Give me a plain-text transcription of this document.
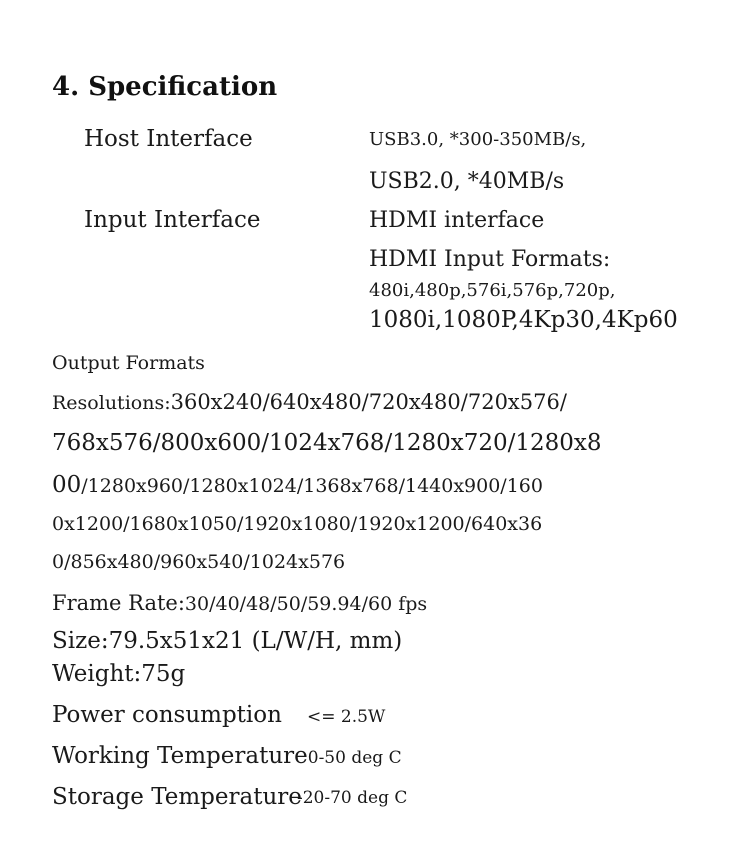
4. Specification
Host Interface	USB3.0, *300-350MB/s,
USB2.0, *40MB/s
Input Interface	HDMI interface
HDMI Input Formats:
480i,480p,576i,576p,720p,
1080i,1080P,4Kp30,4Kp60
Output Formats
Resolutions:360x240/640x480/720x480/720x576/
768x576/800x600/1024x768/1280x720/1280x8
00/1280x960/1280x1024/1368x768/1440x900/160
0x1200/1680x1050/1920x1080/1920x1200/640x36
0/856x480/960x540/1024x576
Frame Rate:30/40/48/50/59.94/60 fps
Size:79.5x51x21 (L/W/H, mm)
Weight:75g
Power consumption <= 2.5W
Working Temperature0-50 deg C
Storage Temperature
-20-70 deg C
